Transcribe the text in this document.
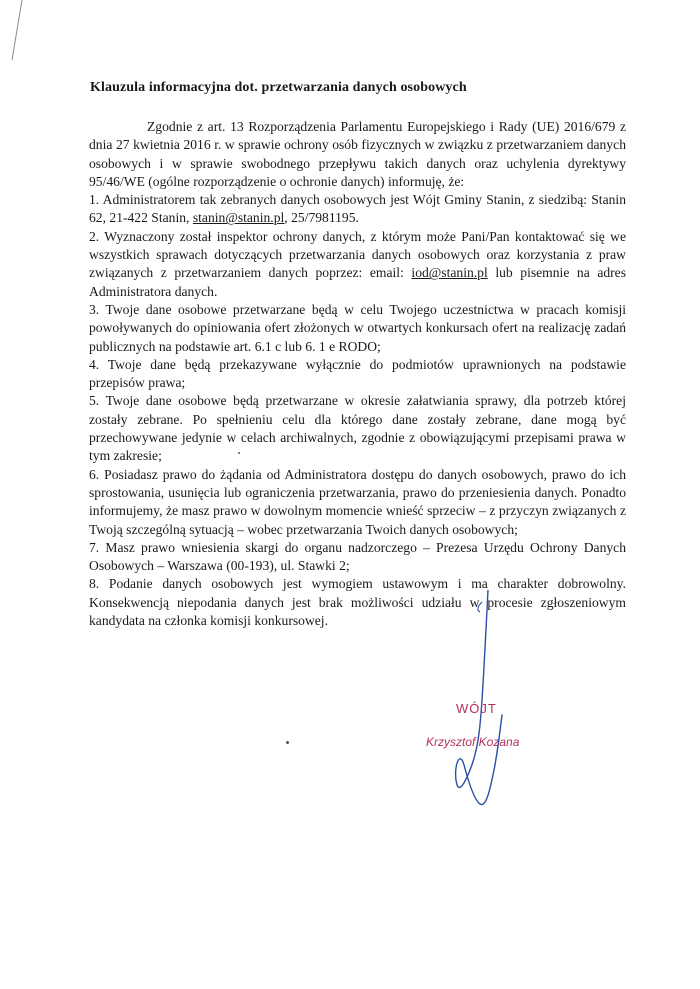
Klauzula informacyjna dot. przetwarzania danych osobowych

Zgodnie z art. 13 Rozporządzenia Parlamentu Europejskiego i Rady (UE) 2016/679 z dnia 27 kwietnia 2016 r. w sprawie ochrony osób fizycznych w związku z przetwarzaniem danych osobowych i w sprawie swobodnego przepływu takich danych oraz uchylenia dyrektywy 95/46/WE (ogólne rozporządzenie o ochronie danych) informuję, że:

1. Administratorem tak zebranych danych osobowych jest Wójt Gminy Stanin, z siedzibą: Stanin 62, 21-422 Stanin, stanin@stanin.pl, 25/7981195.

2. Wyznaczony został inspektor ochrony danych, z którym może Pani/Pan kontaktować się we wszystkich sprawach dotyczących przetwarzania danych osobowych oraz korzystania z praw związanych z przetwarzaniem danych poprzez: email: iod@stanin.pl lub pisemnie na adres Administratora danych.

3. Twoje dane osobowe przetwarzane będą w celu Twojego uczestnictwa w pracach komisji powoływanych do opiniowania ofert złożonych w otwartych konkursach ofert na realizację zadań publicznych na podstawie art. 6.1 c lub 6. 1 e RODO;

4. Twoje dane będą przekazywane wyłącznie do podmiotów uprawnionych na podstawie przepisów prawa;

5. Twoje dane osobowe będą przetwarzane w okresie załatwiania sprawy, dla potrzeb której zostały zebrane. Po spełnieniu celu dla którego dane zostały zebrane, dane mogą być przechowywane jedynie w celach archiwalnych, zgodnie z obowiązującymi przepisami prawa w tym zakresie;

6. Posiadasz prawo do żądania od Administratora dostępu do danych osobowych, prawo do ich sprostowania, usunięcia lub ograniczenia przetwarzania, prawo do przeniesienia danych. Ponadto informujemy, że masz prawo w dowolnym momencie wnieść sprzeciw – z przyczyn związanych z Twoją szczególną sytuacją – wobec przetwarzania Twoich danych osobowych;

7. Masz prawo wniesienia skargi do organu nadzorczego – Prezesa Urzędu Ochrony Danych Osobowych – Warszawa (00-193), ul. Stawki 2;

8. Podanie danych osobowych jest wymogiem ustawowym i ma charakter dobrowolny. Konsekwencją niepodania danych jest brak możliwości udziału w procesie zgłoszeniowym kandydata na członka komisji konkursowej.

WÓJT
Krzysztof Kozana
